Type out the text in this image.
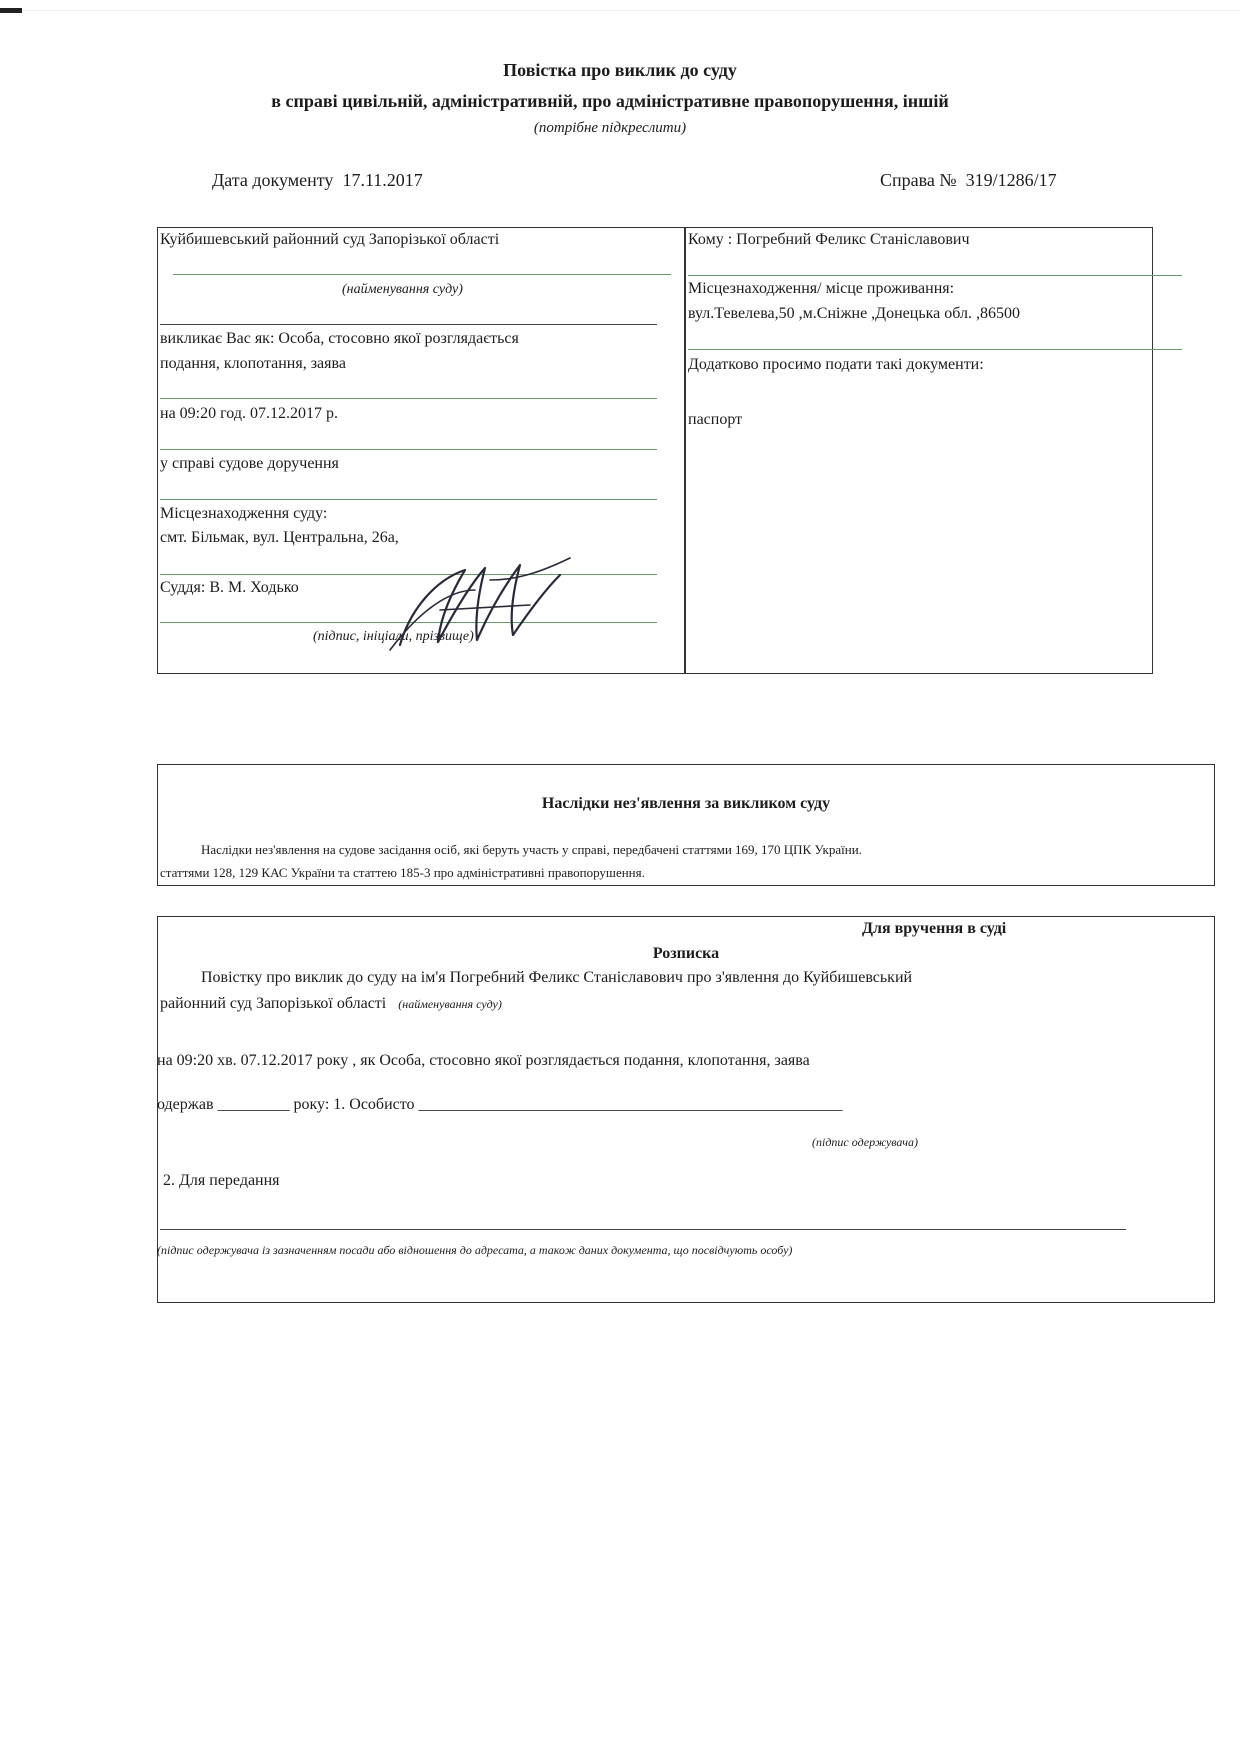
Повістка про виклик до суду
в справі цивільній, адміністративній, про адміністративне правопорушення, іншій
(потрібне підкреслити)
Дата документу 17.11.2017	Справа № 319/1286/17
Куйбишевський районний суд Запорізької області
(найменування суду)
викликає Вас як: Особа, стосовно якої розглядається
подання, клопотання, заява
на 09:20 год. 07.12.2017 р.
у справі судове доручення
Місцезнаходження суду:
смт. Більмак, вул. Центральна, 26а,
Суддя: В. М. Ходько
(підпис, ініціали, прізвище)
Кому : Погребний Феликс Станіславович
Місцезнаходження/ місце проживання:
вул.Тевелева,50 ,м.Сніжне ,Донецька обл. ,86500
Додатково просимо подати такі документи:
паспорт
Наслідки нез'явлення за викликом суду
Наслідки нез'явлення на судове засідання осіб, які беруть участь у справі, передбачені статтями 169, 170 ЦПК України.
статтями 128, 129 КАС України та статтею 185-3 про адміністративні правопорушення.
Для вручення в суді
Розписка
Повістку про виклик до суду на ім'я Погребний Феликс Станіславович про з'явлення до Куйбишевський
районний суд Запорізької області (найменування суду)
на 09:20 хв. 07.12.2017 року , як Особа, стосовно якої розглядається подання, клопотання, заява
одержав _________ року: 1. Особисто _____________________________________________________
(підпис одержувача)
2. Для передання
(підпис одержувача із зазначенням посади або відношення до адресата, а також даних документа, що посвідчують особу)
